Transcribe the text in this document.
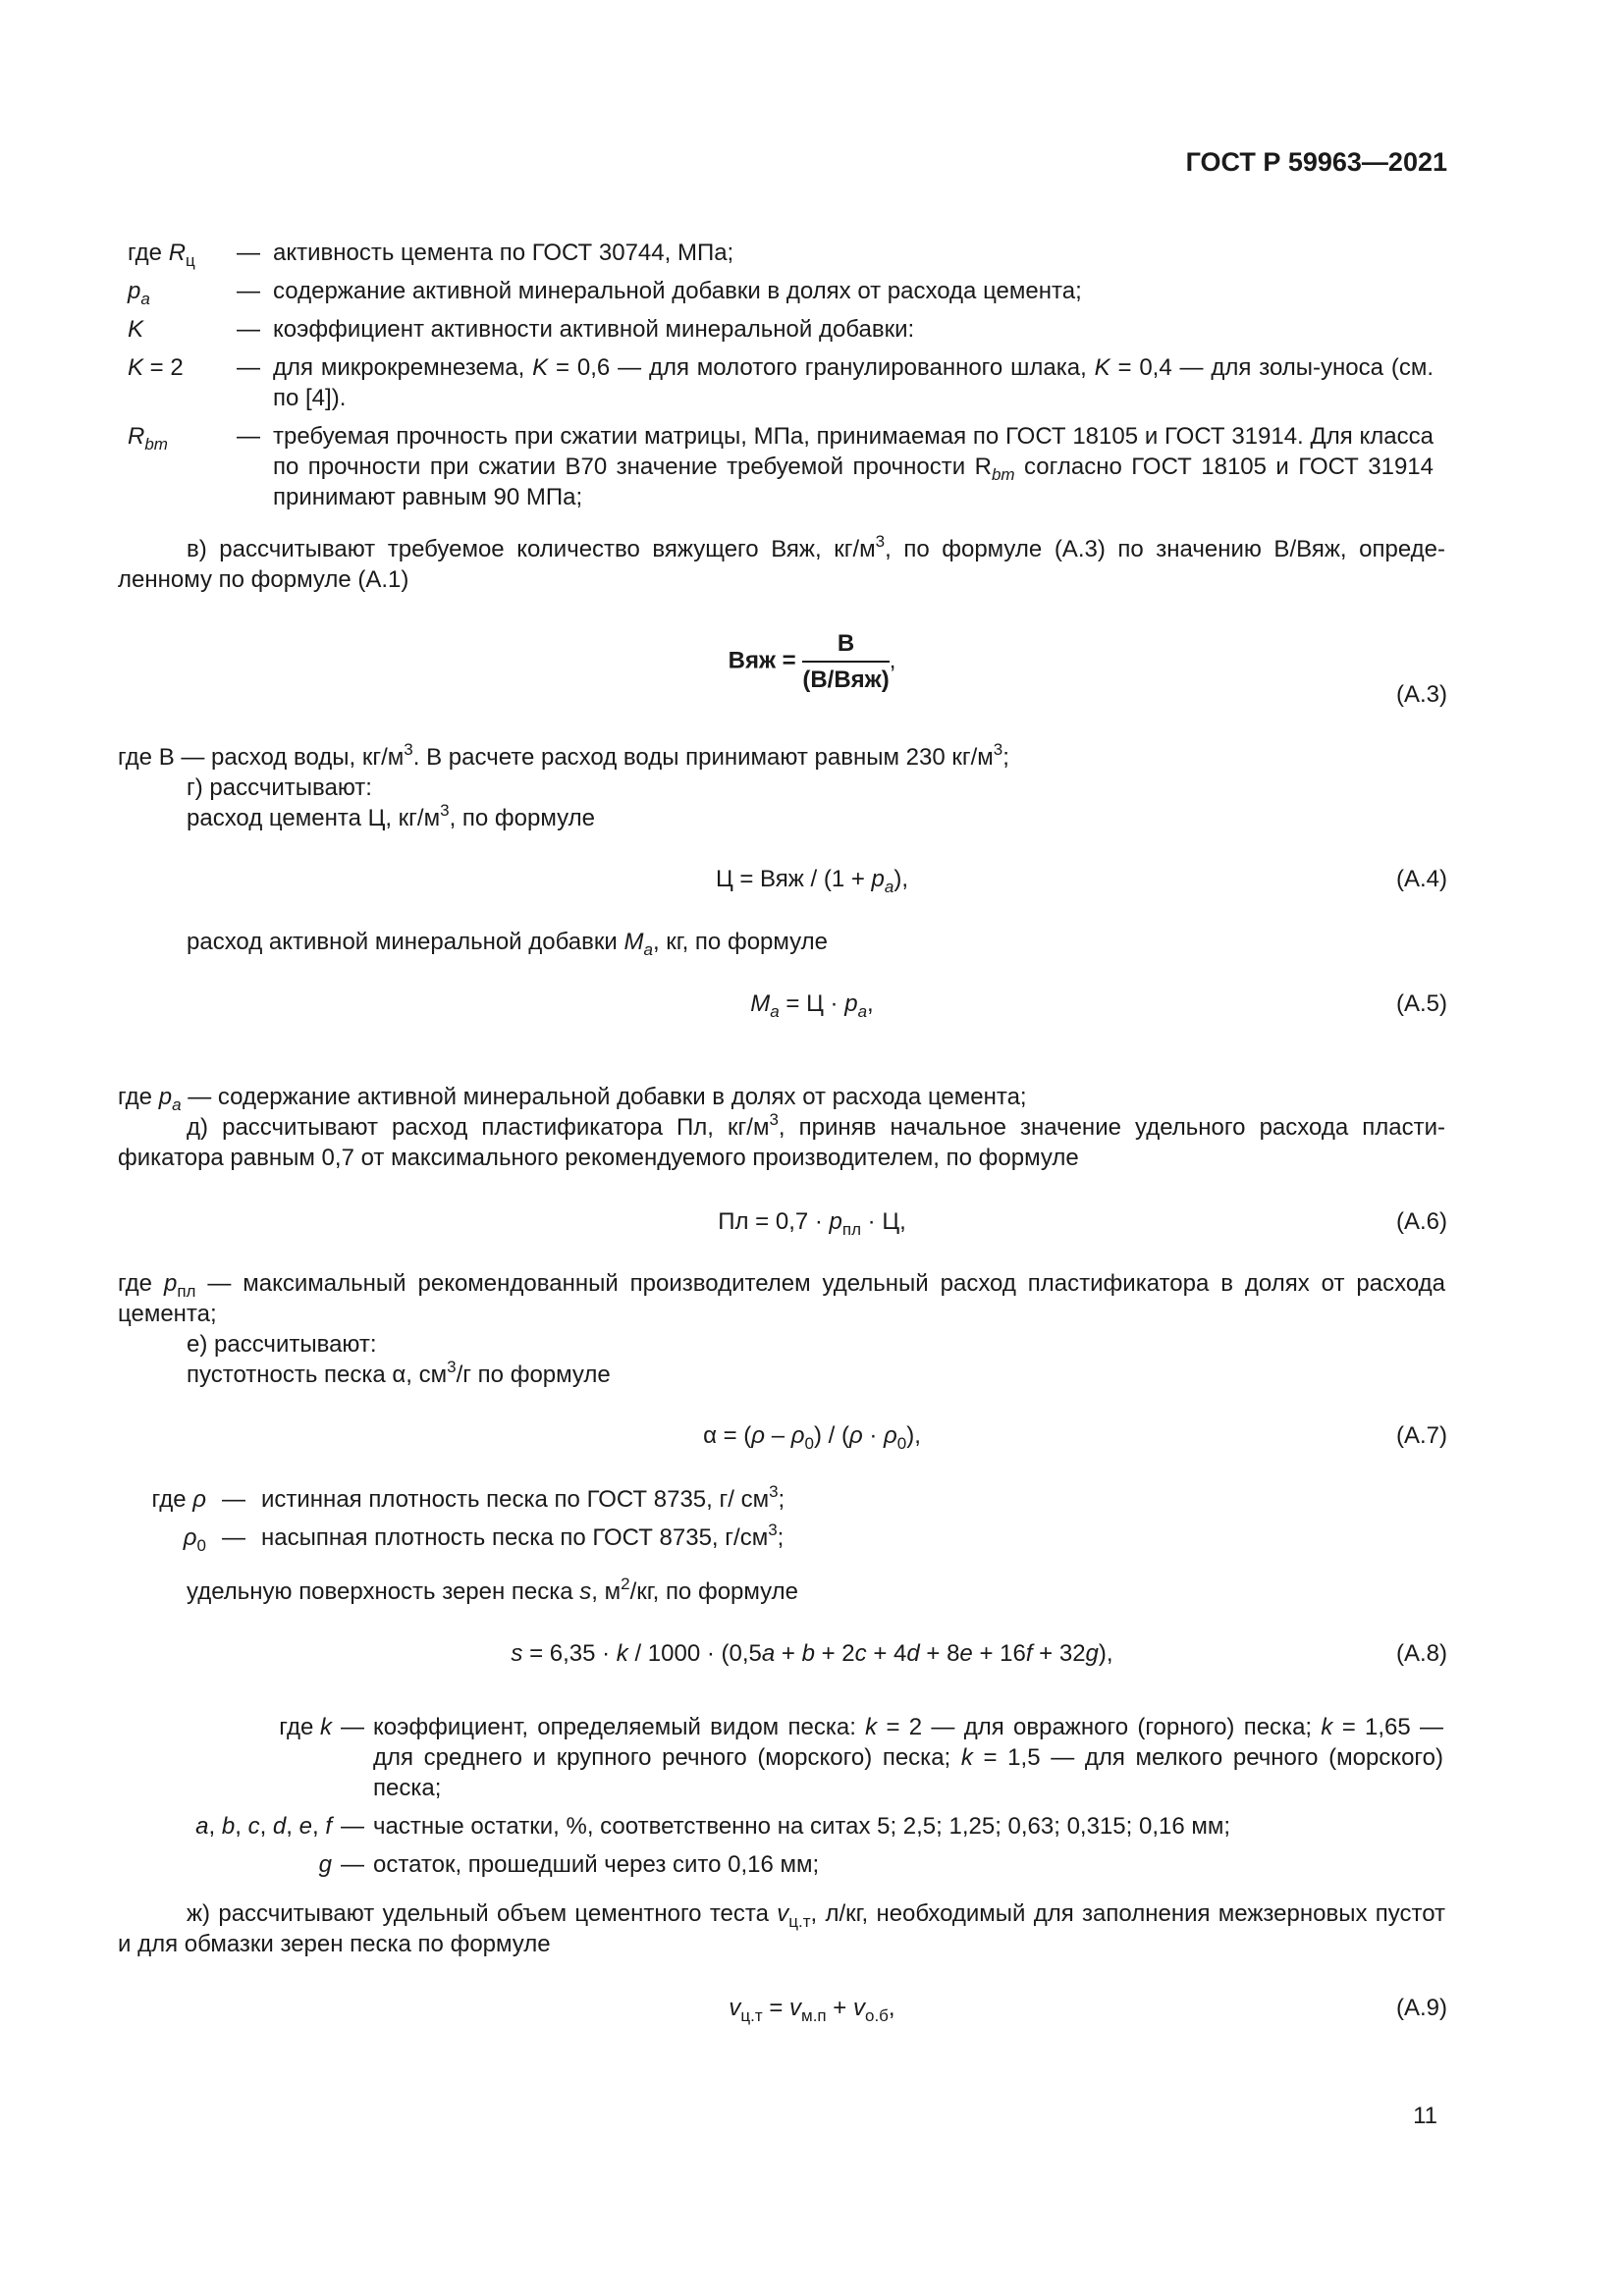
ГОСТ Р 59963—2021
где $R_ц$	— активность цемента по ГОСТ 30744, МПа;
$p_a$	— содержание активной минеральной добавки в долях от расхода цемента;
K	— коэффициент активности активной минеральной добавки:
K = 2	— для микрокремнезема, K = 0,6 — для молотого гранулированного шлака, K = 0,4 — для золы-уноса (см. по [4]).
$R_{bm}$	— требуемая прочность при сжатии матрицы, МПа, принимаемая по ГОСТ 18105 и ГОСТ 31914. Для класса по прочности при сжатии В70 значение требуемой прочности $R_{bm}$ согласно ГОСТ 18105 и ГОСТ 31914 принимают равным 90 МПа;
в) рассчитывают требуемое количество вяжущего Вяж, $кг/м^3$, по формуле (А.3) по значению В/Вяж, определенному по формуле (А.1)
Вяж = $\frac{В}{\text{(В/Вяж)}}$ ,
(А.3)
где В — расход воды, $кг/м^3$. В расчете расход воды принимают равным 230 $кг/м^3$;
г) рассчитывают:
расход цемента Ц, $кг/м^3$, по формуле
Ц = Вяж / $(1 + p_a)$,	(А.4)
расход активной минеральной добавки $M_a$, кг, по формуле
$M_a = Ц \cdot p_a$,	(А.5)
где $p_a$ — содержание активной минеральной добавки в долях от расхода цемента;
д) рассчитывают расход пластификатора Пл, $кг/м^3$, приняв начальное значение удельного расхода пластификатора равным 0,7 от максимального рекомендуемого производителем, по формуле
Пл = $0,7 \cdot p_{пл} \cdot Ц$,	(А.6)
где $p_{пл}$ — максимальный рекомендованный производителем удельный расход пластификатора в долях от расхода цемента;
е) рассчитывают:
пустотность песка α, $см^3/г$ по формуле
$\alpha = (\rho - \rho_0) / (\rho \cdot \rho_0)$,	(А.7)
где ρ — истинная плотность песка по ГОСТ 8735, г/ $см^3$;
$\rho_0$ — насыпная плотность песка по ГОСТ 8735, $г/см^3$;
удельную поверхность зерен песка s, $м^2/кг$, по формуле
s = 6,35 · k / 1000 · (0,5a + b + 2c + 4d + 8e + 16f + 32g),	(А.8)
где k — коэффициент, определяемый видом песка: k = 2 — для овражного (горного) песка; k = 1,65 — для среднего и крупного речного (морского) песка; k = 1,5 — для мелкого речного (морского) песка;
a, b, c, d, e, f — частные остатки, %, соответственно на ситах 5; 2,5; 1,25; 0,63; 0,315; 0,16 мм;
g — остаток, прошедший через сито 0,16 мм;
ж) рассчитывают удельный объем цементного теста $v_{ц.т}$, л/кг, необходимый для заполнения межзерновых пустот и для обмазки зерен песка по формуле
$v_{ц.т} = v_{м.п} + v_{о.б}$,	(А.9)
11
